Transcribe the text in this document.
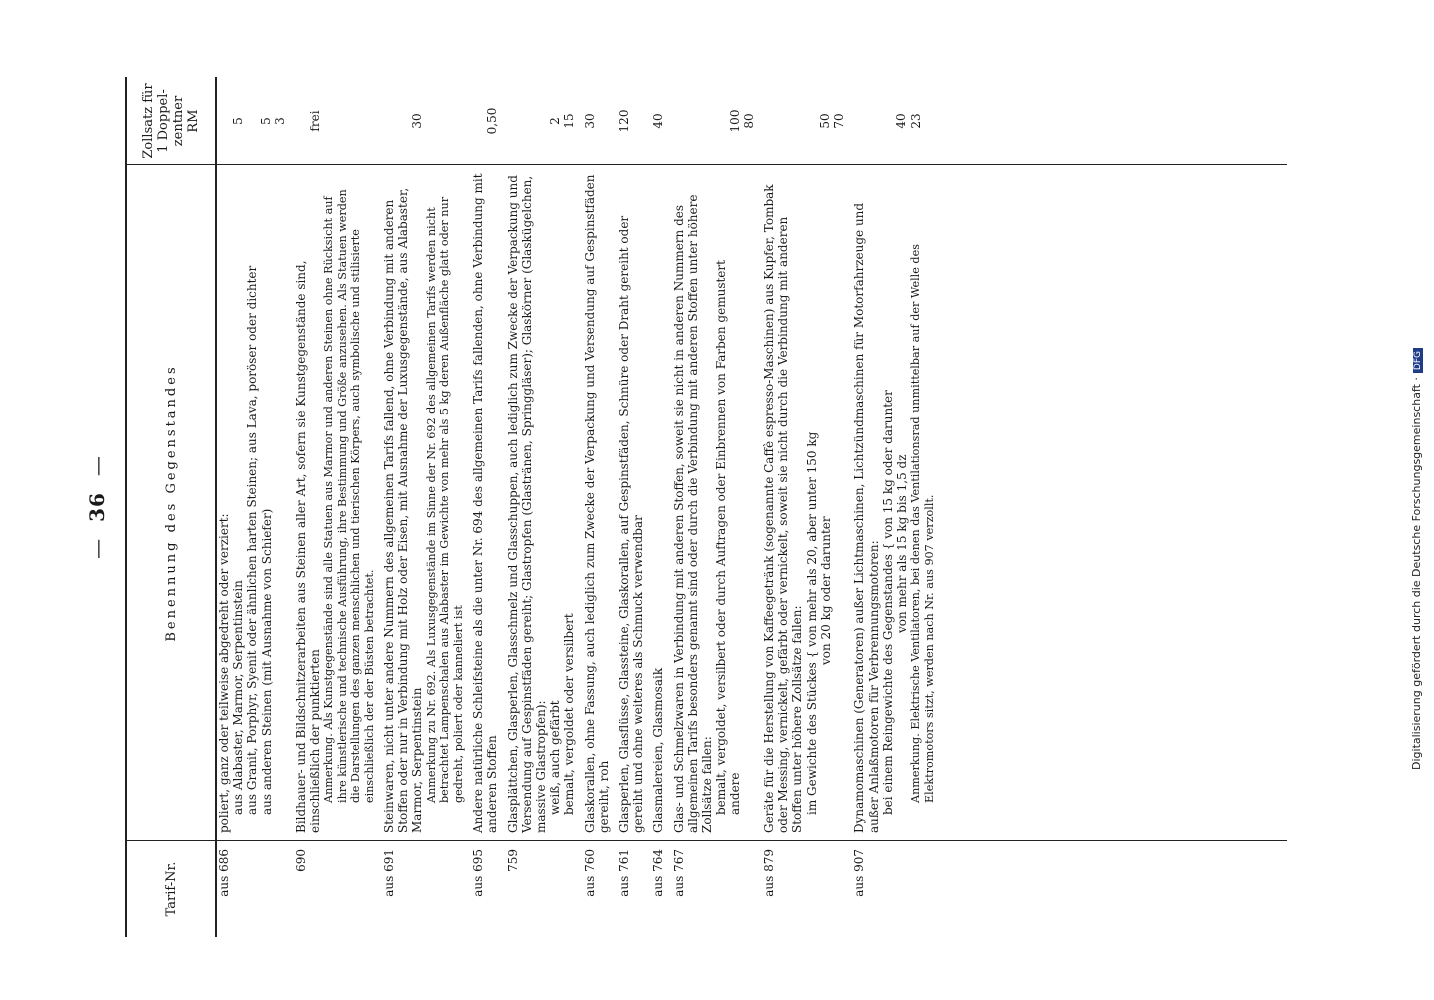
— 36 —
Tarif-Nr.
Benennung des Gegenstandes
Zollsatz für 1 Doppel- zentner RM
aus 686

poliert, ganz oder teilweise abgedreht oder verziert: aus Alabaster, Marmor, Serpentinstein aus Granit, Porphyr, Syenit oder ähnlichen harten Steinen; aus Lava, poröser oder dichter aus anderen Steinen (mit Ausnahme von Schiefer)

5 5 3

690

Bildhauer- und Bildschnitzerarbeiten aus Steinen aller Art, sofern sie Kunstgegenstände sind, einschließlich der punktierten Anmerkung. Als Kunstgegenstände sind alle Statuen aus Marmor und anderen Steinen ohne Rücksicht auf ihre künstlerische und technische Ausführung, ihre Bestimmung und Größe anzusehen. Als Statuen werden die Darstellungen des ganzen menschlichen und tierischen Körpers, auch symbolische und stilisierte einschließlich der der Büsten betrachtet.

frei

aus 691

Steinwaren, nicht unter andere Nummern des allgemeinen Tarifs fallend, ohne Verbindung mit anderen Stoffen oder nur in Verbindung mit Holz oder Eisen, mit Ausnahme der Luxusgegenstände, aus Alabaster, Marmor, Serpentinstein Anmerkung zu Nr. 692. Als Luxusgegenstände im Sinne der Nr. 692 des allgemeinen Tarifs werden nicht betrachtet Lampenschalen aus Alabaster im Gewichte von mehr als 5 kg deren Außenfläche glatt oder nur gedreht, poliert oder kanneliert ist

30

aus 695

Andere natürliche Schleifsteine als die unter Nr. 694 des allgemeinen Tarifs fallenden, ohne Verbindung mit anderen Stoffen

0,50

759

Glasplättchen, Glasperlen, Glasschmelz und Glasschuppen, auch lediglich zum Zwecke der Verpackung und Versendung auf Gespinstfäden gereiht; Glastropfen (Glastränen, Springgläser); Glaskörner (Glaskügelchen, massive Glastropfen): weiß, auch gefärbt bemalt, vergoldet oder versilbert

2 15

aus 760

Glaskorallen, ohne Fassung, auch lediglich zum Zwecke der Verpackung und Versendung auf Gespinstfäden gereiht, roh

30

aus 761

Glasperlen, Glasflüsse, Glassteine, Glaskorallen, auf Gespinstfäden, Schnüre oder Draht gereiht oder gereiht und ohne weiteres als Schmuck verwendbar

120

aus 764

Glasmalereien, Glasmosaik

40

aus 767

Glas- und Schmelzwaren in Verbindung mit anderen Stoffen, soweit sie nicht in anderen Nummern des allgemeinen Tarifs besonders genannt sind oder durch die Verbindung mit anderen Stoffen unter höhere Zollsätze fallen: bemalt, vergoldet, versilbert oder durch Auftragen oder Einbrennen von Farben gemustert andere

100 80

aus 879

Geräte für die Herstellung von Kaffeegetränk (sogenannte Caffè espresso-Maschinen) aus Kupfer, Tombak oder Messing, vernickelt, gefärbt oder vernickelt, soweit sie nicht durch die Verbindung mit anderen Stoffen unter höhere Zollsätze fallen: im Gewichte des Stückes { von mehr als 20, aber unter 150 kg von 20 kg oder darunter

50 70

aus 907

Dynamomaschinen (Generatoren) außer Lichtmaschinen, Lichtzündmaschinen für Motorfahrzeuge und außer Anlaßmotoren für Verbrennungsmotoren: bei einem Reingewichte des Gegenstandes { von 15 kg oder darunter von mehr als 15 kg bis 1,5 dz Anmerkung. Elektrische Ventilatoren, bei denen das Ventilationsrad unmittelbar auf der Welle des Elektromotors sitzt, werden nach Nr. aus 907 verzollt.

40 23

Digitalisierung gefördert durch die Deutsche Forschungsgemeinschaft ·DFG
